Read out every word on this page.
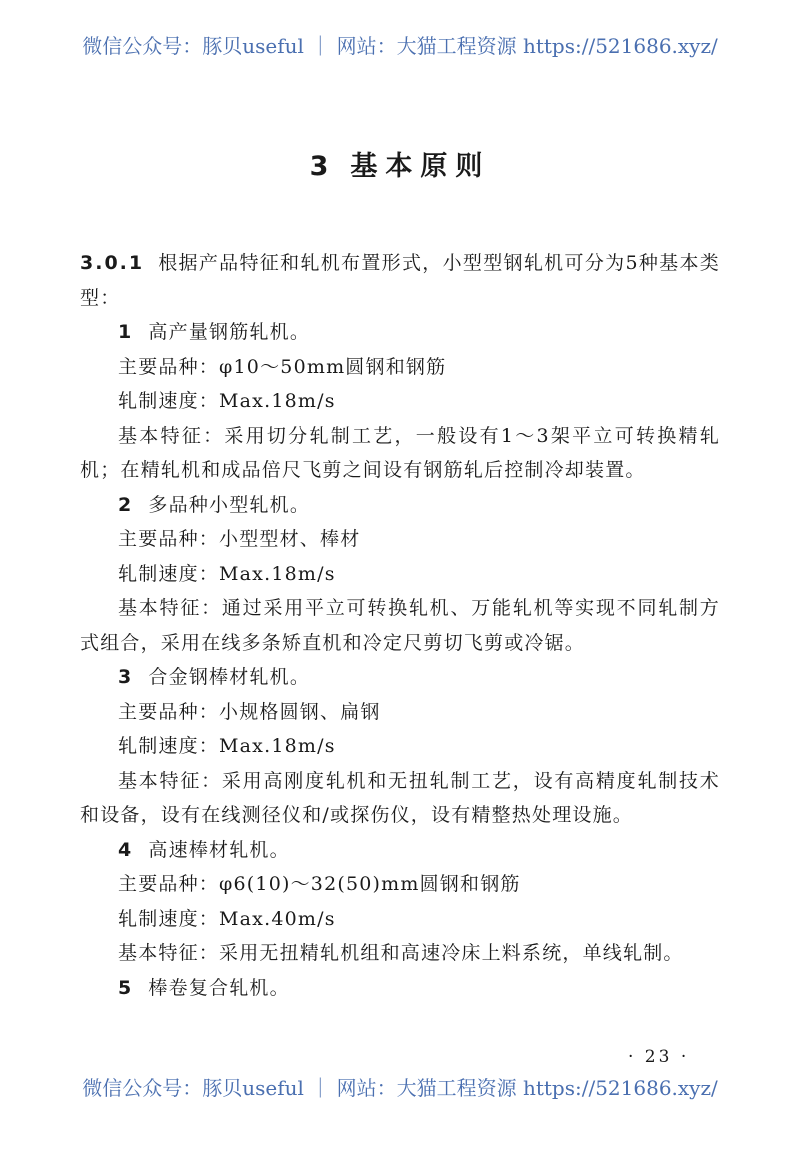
微信公众号：豚贝useful ｜ 网站：大猫工程资源 https://521686.xyz/
3 基本原则

3.0.1 根据产品特征和轧机布置形式，小型型钢轧机可分为5种基本类型：

1 高产量钢筋轧机。

主要品种：φ10～50mm圆钢和钢筋

轧制速度：Max.18m/s

基本特征：采用切分轧制工艺，一般设有1～3架平立可转换精轧机；在精轧机和成品倍尺飞剪之间设有钢筋轧后控制冷却装置。

2 多品种小型轧机。

主要品种：小型型材、棒材

轧制速度：Max.18m/s

基本特征：通过采用平立可转换轧机、万能轧机等实现不同轧制方式组合，采用在线多条矫直机和冷定尺剪切飞剪或冷锯。

3 合金钢棒材轧机。

主要品种：小规格圆钢、扁钢

轧制速度：Max.18m/s

基本特征：采用高刚度轧机和无扭轧制工艺，设有高精度轧制技术和设备，设有在线测径仪和/或探伤仪，设有精整热处理设施。

4 高速棒材轧机。

主要品种：φ6(10)～32(50)mm圆钢和钢筋

轧制速度：Max.40m/s

基本特征：采用无扭精轧机组和高速冷床上料系统，单线轧制。

5 棒卷复合轧机。

· 23 ·
微信公众号：豚贝useful ｜ 网站：大猫工程资源 https://521686.xyz/
